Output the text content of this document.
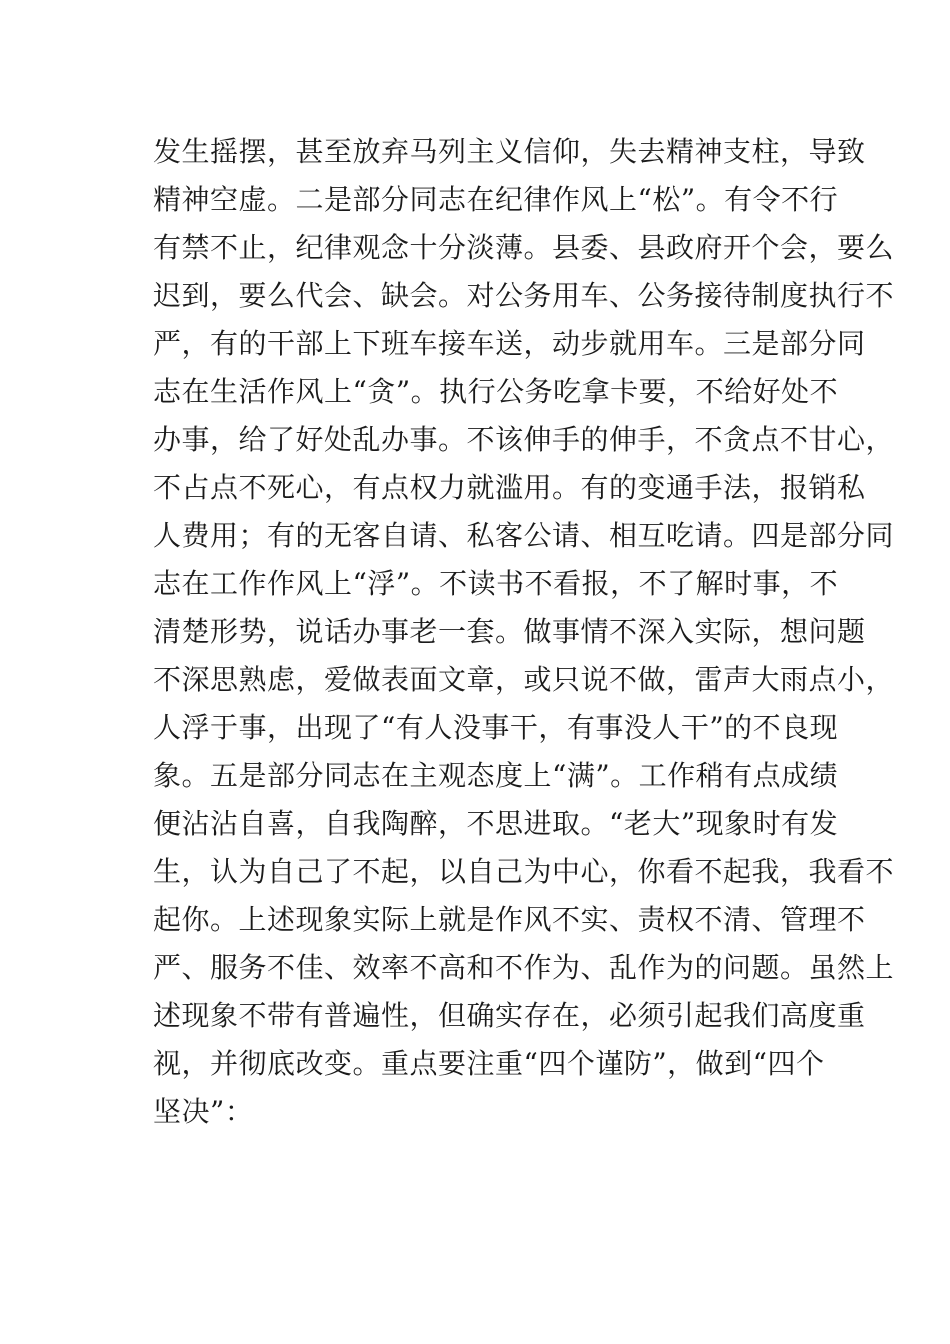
发生摇摆，甚至放弃马列主义信仰，失去精神支柱，导致
精神空虚。二是部分同志在纪律作风上“松”。有令不行
有禁不止，纪律观念十分淡薄。县委、县政府开个会，要么
迟到，要么代会、缺会。对公务用车、公务接待制度执行不
严，有的干部上下班车接车送，动步就用车。三是部分同
志在生活作风上“贪”。执行公务吃拿卡要，不给好处不
办事，给了好处乱办事。不该伸手的伸手，不贪点不甘心，
不占点不死心，有点权力就滥用。有的变通手法，报销私
人费用；有的无客自请、私客公请、相互吃请。四是部分同
志在工作作风上“浮”。不读书不看报，不了解时事，不
清楚形势，说话办事老一套。做事情不深入实际，想问题
不深思熟虑，爱做表面文章，或只说不做，雷声大雨点小，
人浮于事，出现了“有人没事干，有事没人干”的不良现
象。五是部分同志在主观态度上“满”。工作稍有点成绩
便沾沾自喜，自我陶醉，不思进取。“老大”现象时有发
生，认为自己了不起，以自己为中心，你看不起我，我看不
起你。上述现象实际上就是作风不实、责权不清、管理不
严、服务不佳、效率不高和不作为、乱作为的问题。虽然上
述现象不带有普遍性，但确实存在，必须引起我们高度重
视，并彻底改变。重点要注重“四个谨防”，做到“四个
坚决”：
